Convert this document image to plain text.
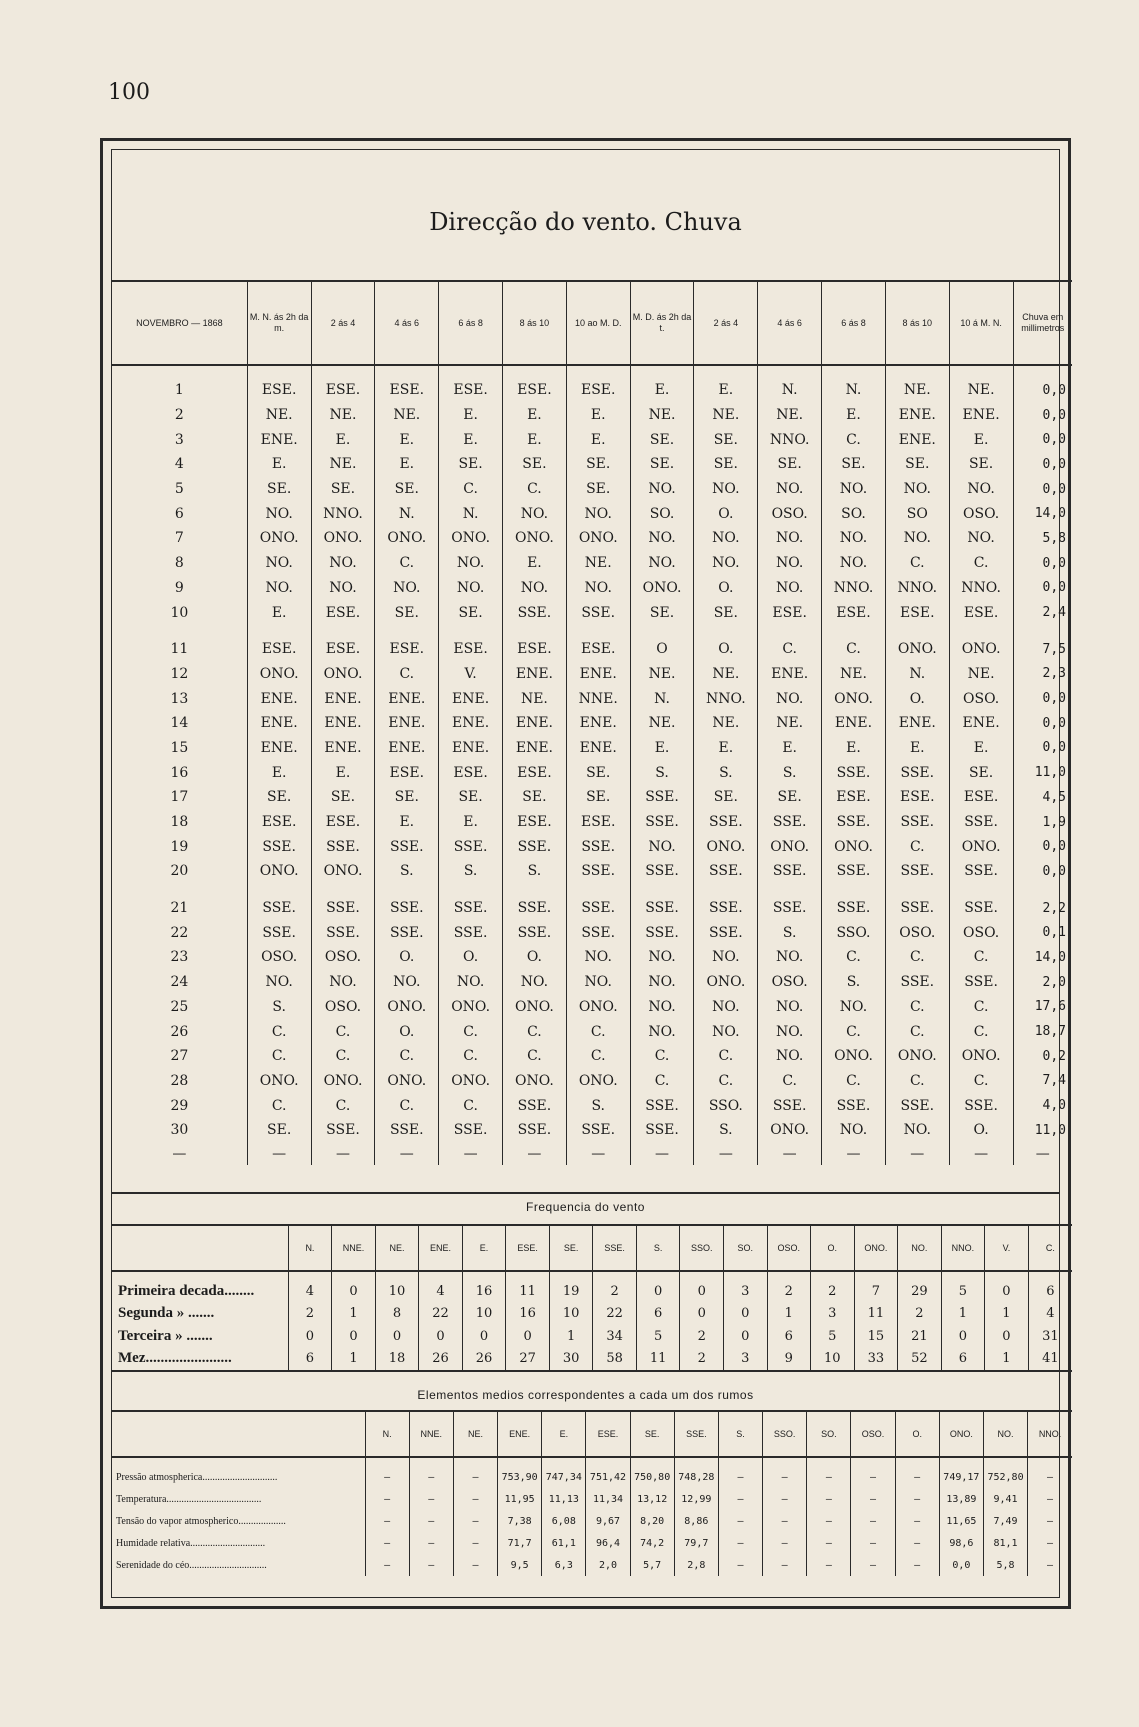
100
Direcção do vento. Chuva
NOVEMBRO — 1868	M. N. ás 2h da m.	2 ás 4	4 ás 6	6 ás 8	8 ás 10	10 ao M. D.	M. D. ás 2h da t.	2 ás 4	4 ás 6	6 ás 8	8 ás 10	10 á M. N.	Chuva em millimetros
1	ESE.	ESE.	ESE.	ESE.	ESE.	ESE.	E.	E.	N.	N.	NE.	NE.	0,0
2	NE.	NE.	NE.	E.	E.	E.	NE.	NE.	NE.	E.	ENE.	ENE.	0,0
3	ENE.	E.	E.	E.	E.	E.	SE.	SE.	NNO.	C.	ENE.	E.	0,0
4	E.	NE.	E.	SE.	SE.	SE.	SE.	SE.	SE.	SE.	SE.	SE.	0,0
5	SE.	SE.	SE.	C.	C.	SE.	NO.	NO.	NO.	NO.	NO.	NO.	0,0
6	NO.	NNO.	N.	N.	NO.	NO.	SO.	O.	OSO.	SO.	SO	OSO.	14,0
7	ONO.	ONO.	ONO.	ONO.	ONO.	ONO.	NO.	NO.	NO.	NO.	NO.	NO.	5,8
8	NO.	NO.	C.	NO.	E.	NE.	NO.	NO.	NO.	NO.	C.	C.	0,0
9	NO.	NO.	NO.	NO.	NO.	NO.	ONO.	O.	NO.	NNO.	NNO.	NNO.	0,0
10	E.	ESE.	SE.	SE.	SSE.	SSE.	SE.	SE.	ESE.	ESE.	ESE.	ESE.	2,4
11	ESE.	ESE.	ESE.	ESE.	ESE.	ESE.	O	O.	C.	C.	ONO.	ONO.	7,5
12	ONO.	ONO.	C.	V.	ENE.	ENE.	NE.	NE.	ENE.	NE.	N.	NE.	2,3
13	ENE.	ENE.	ENE.	ENE.	NE.	NNE.	N.	NNO.	NO.	ONO.	O.	OSO.	0,0
14	ENE.	ENE.	ENE.	ENE.	ENE.	ENE.	NE.	NE.	NE.	ENE.	ENE.	ENE.	0,0
15	ENE.	ENE.	ENE.	ENE.	ENE.	ENE.	E.	E.	E.	E.	E.	E.	0,0
16	E.	E.	ESE.	ESE.	ESE.	SE.	S.	S.	S.	SSE.	SSE.	SE.	11,0
17	SE.	SE.	SE.	SE.	SE.	SE.	SSE.	SE.	SE.	ESE.	ESE.	ESE.	4,5
18	ESE.	ESE.	E.	E.	ESE.	ESE.	SSE.	SSE.	SSE.	SSE.	SSE.	SSE.	1,9
19	SSE.	SSE.	SSE.	SSE.	SSE.	SSE.	NO.	ONO.	ONO.	ONO.	C.	ONO.	0,0
20	ONO.	ONO.	S.	S.	S.	SSE.	SSE.	SSE.	SSE.	SSE.	SSE.	SSE.	0,0
21	SSE.	SSE.	SSE.	SSE.	SSE.	SSE.	SSE.	SSE.	SSE.	SSE.	SSE.	SSE.	2,2
22	SSE.	SSE.	SSE.	SSE.	SSE.	SSE.	SSE.	SSE.	S.	SSO.	OSO.	OSO.	0,1
23	OSO.	OSO.	O.	O.	O.	NO.	NO.	NO.	NO.	C.	C.	C.	14,0
24	NO.	NO.	NO.	NO.	NO.	NO.	NO.	ONO.	OSO.	S.	SSE.	SSE.	2,0
25	S.	OSO.	ONO.	ONO.	ONO.	ONO.	NO.	NO.	NO.	NO.	C.	C.	17,6
26	C.	C.	O.	C.	C.	C.	NO.	NO.	NO.	C.	C.	C.	18,7
27	C.	C.	C.	C.	C.	C.	C.	C.	NO.	ONO.	ONO.	ONO.	0,2
28	ONO.	ONO.	ONO.	ONO.	ONO.	ONO.	C.	C.	C.	C.	C.	C.	7,4
29	C.	C.	C.	C.	SSE.	S.	SSE.	SSO.	SSE.	SSE.	SSE.	SSE.	4,0
30	SE.	SSE.	SSE.	SSE.	SSE.	SSE.	SSE.	S.	ONO.	NO.	NO.	O.	11,0
—	—	—	—	—	—	—	—	—	—	—	—	—	—
Frequencia do vento
	N.	NNE.	NE.	ENE.	E.	ESE.	SE.	SSE.	S.	SSO.	SO.	OSO.	O.	ONO.	NO.	NNO.	V.	C.
Primeira decada........	4	0	10	4	16	11	19	2	0	0	3	2	2	7	29	5	0	6
Segunda » .......	2	1	8	22	10	16	10	22	6	0	0	1	3	11	2	1	1	4
Terceira » .......	0	0	0	0	0	0	1	34	5	2	0	6	5	15	21	0	0	31
Mez.......................	6	1	18	26	26	27	30	58	11	2	3	9	10	33	52	6	1	41
Elementos medios correspondentes a cada um dos rumos
	N.	NNE.	NE.	ENE.	E.	ESE.	SE.	SSE.	S.	SSO.	SO.	OSO.	O.	ONO.	NO.	NNO.
Pressão atmospherica..............................	—	—	—	753,90	747,34	751,42	750,80	748,28	—	—	—	—	—	749,17	752,80	—
Temperatura......................................	—	—	—	11,95	11,13	11,34	13,12	12,99	—	—	—	—	—	13,89	9,41	—
Tensão do vapor atmospherico...................	—	—	—	7,38	6,08	9,67	8,20	8,86	—	—	—	—	—	11,65	7,49	—
Humidade relativa..............................	—	—	—	71,7	61,1	96,4	74,2	79,7	—	—	—	—	—	98,6	81,1	—
Serenidade do céo...............................	—	—	—	9,5	6,3	2,0	5,7	2,8	—	—	—	—	—	0,0	5,8	—
